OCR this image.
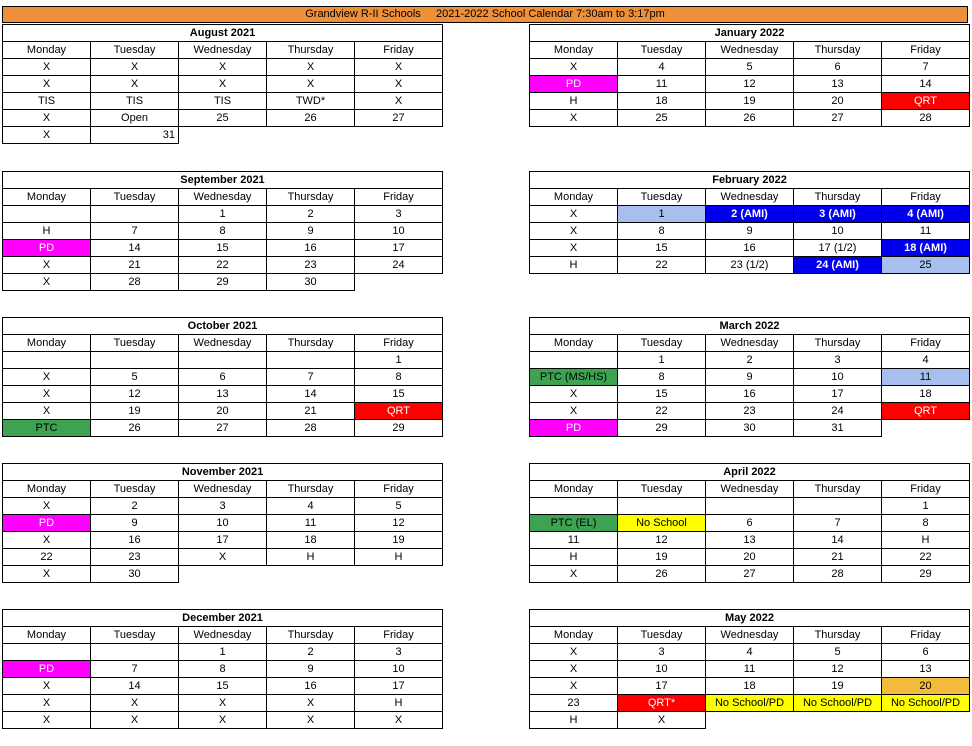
Grandview R-II Schools     2021-2022 School Calendar 7:30am to 3:17pm
August 2021				
Monday	Tuesday	Wednesday	Thursday	Friday
X	X	X	X	X
X	X	X	X	X
TIS	TIS	TIS	TWD*	X
X	Open	25	26	27
X	31			
January 2022				
Monday	Tuesday	Wednesday	Thursday	Friday
X	4	5	6	7
PD	11	12	13	14
H	18	19	20	QRT
X	25	26	27	28
September 2021				
Monday	Tuesday	Wednesday	Thursday	Friday
		1	2	3
H	7	8	9	10
PD	14	15	16	17
X	21	22	23	24
X	28	29	30	
February 2022				
Monday	Tuesday	Wednesday	Thursday	Friday
X	1	2 (AMI)	3 (AMI)	4 (AMI)
X	8	9	10	11
X	15	16	17 (1/2)	18 (AMI)
H	22	23 (1/2)	24 (AMI)	25
October 2021				
Monday	Tuesday	Wednesday	Thursday	Friday
				1
X	5	6	7	8
X	12	13	14	15
X	19	20	21	QRT
PTC	26	27	28	29
March 2022				
Monday	Tuesday	Wednesday	Thursday	Friday
	1	2	3	4
PTC (MS/HS)	8	9	10	11
X	15	16	17	18
X	22	23	24	QRT
PD	29	30	31	
November 2021				
Monday	Tuesday	Wednesday	Thursday	Friday
X	2	3	4	5
PD	9	10	11	12
X	16	17	18	19
22	23	X	H	H
X	30			
April 2022				
Monday	Tuesday	Wednesday	Thursday	Friday
				1
PTC (EL)	No School	6	7	8
11	12	13	14	H
H	19	20	21	22
X	26	27	28	29
December 2021				
Monday	Tuesday	Wednesday	Thursday	Friday
		1	2	3
PD	7	8	9	10
X	14	15	16	17
X	X	X	X	H
X	X	X	X	X
May 2022				
Monday	Tuesday	Wednesday	Thursday	Friday
X	3	4	5	6
X	10	11	12	13
X	17	18	19	20
23	QRT*	No School/PD	No School/PD	No School/PD
H	X			
